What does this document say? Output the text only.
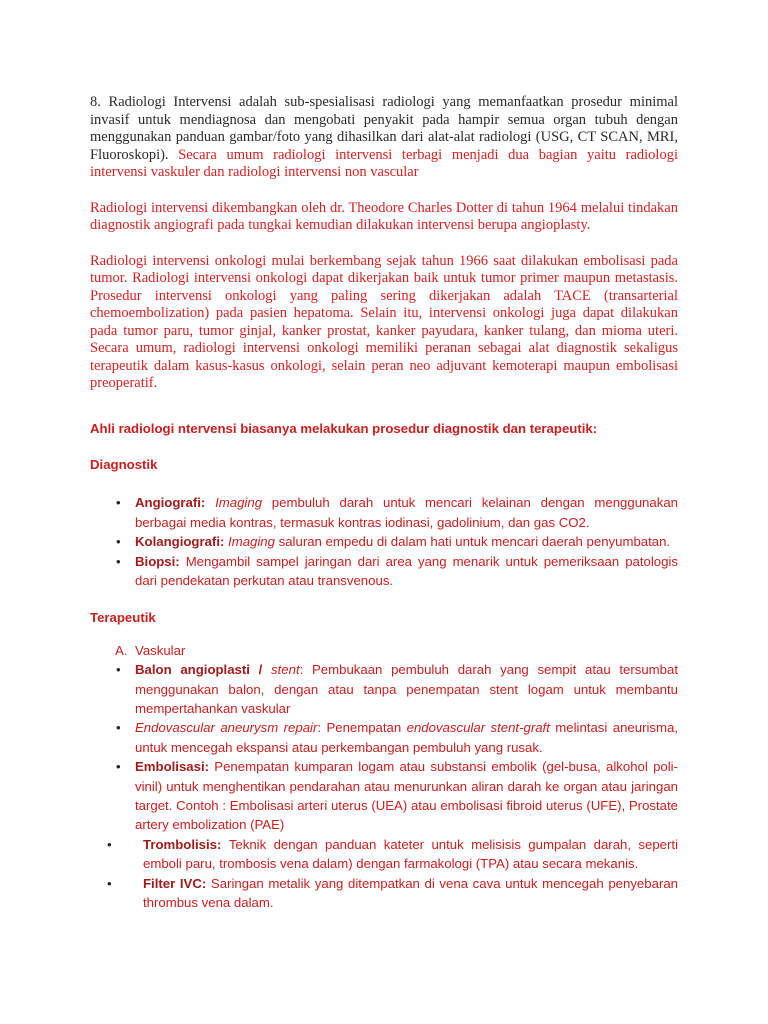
8. Radiologi Intervensi adalah sub-spesialisasi radiologi yang memanfaatkan prosedur minimal invasif untuk mendiagnosa dan mengobati penyakit pada hampir semua organ tubuh dengan menggunakan panduan gambar/foto yang dihasilkan dari alat-alat radiologi (USG, CT SCAN, MRI, Fluoroskopi). Secara umum radiologi intervensi terbagi menjadi dua bagian yaitu radiologi intervensi vaskuler dan radiologi intervensi non vascular

Radiologi intervensi dikembangkan oleh dr. Theodore Charles Dotter di tahun 1964 melalui tindakan diagnostik angiografi pada tungkai kemudian dilakukan intervensi berupa angioplasty.

Radiologi intervensi onkologi mulai berkembang sejak tahun 1966 saat dilakukan embolisasi pada tumor. Radiologi intervensi onkologi dapat dikerjakan baik untuk tumor primer maupun metastasis. Prosedur intervensi onkologi yang paling sering dikerjakan adalah TACE (transarterial chemoembolization) pada pasien hepatoma. Selain itu, intervensi onkologi juga dapat dilakukan pada tumor paru, tumor ginjal, kanker prostat, kanker payudara, kanker tulang, dan mioma uteri. Secara umum, radiologi intervensi onkologi memiliki peranan sebagai alat diagnostik sekaligus terapeutik dalam kasus-kasus onkologi, selain peran neo adjuvant kemoterapi maupun embolisasi preoperatif.

Ahli radiologi ntervensi biasanya melakukan prosedur diagnostik dan terapeutik:

Diagnostik

• Angiografi: Imaging pembuluh darah untuk mencari kelainan dengan menggunakan berbagai media kontras, termasuk kontras iodinasi, gadolinium, dan gas CO2.
• Kolangiografi: Imaging saluran empedu di dalam hati untuk mencari daerah penyumbatan.
• Biopsi: Mengambil sampel jaringan dari area yang menarik untuk pemeriksaan patologis dari pendekatan perkutan atau transvenous.

Terapeutik

A. Vaskular
• Balon angioplasti / stent: Pembukaan pembuluh darah yang sempit atau tersumbat menggunakan balon, dengan atau tanpa penempatan stent logam untuk membantu mempertahankan vaskular
• Endovascular aneurysm repair: Penempatan endovascular stent-graft melintasi aneurisma, untuk mencegah ekspansi atau perkembangan pembuluh yang rusak.
• Embolisasi: Penempatan kumparan logam atau substansi embolik (gel-busa, alkohol poli-vinil) untuk menghentikan pendarahan atau menurunkan aliran darah ke organ atau jaringan target. Contoh : Embolisasi arteri uterus (UEA) atau embolisasi fibroid uterus (UFE), Prostate artery embolization (PAE)
• Trombolisis: Teknik dengan panduan kateter untuk melisisis gumpalan darah, seperti emboli paru, trombosis vena dalam) dengan farmakologi (TPA) atau secara mekanis.
• Filter IVC: Saringan metalik yang ditempatkan di vena cava untuk mencegah penyebaran thrombus vena dalam.
